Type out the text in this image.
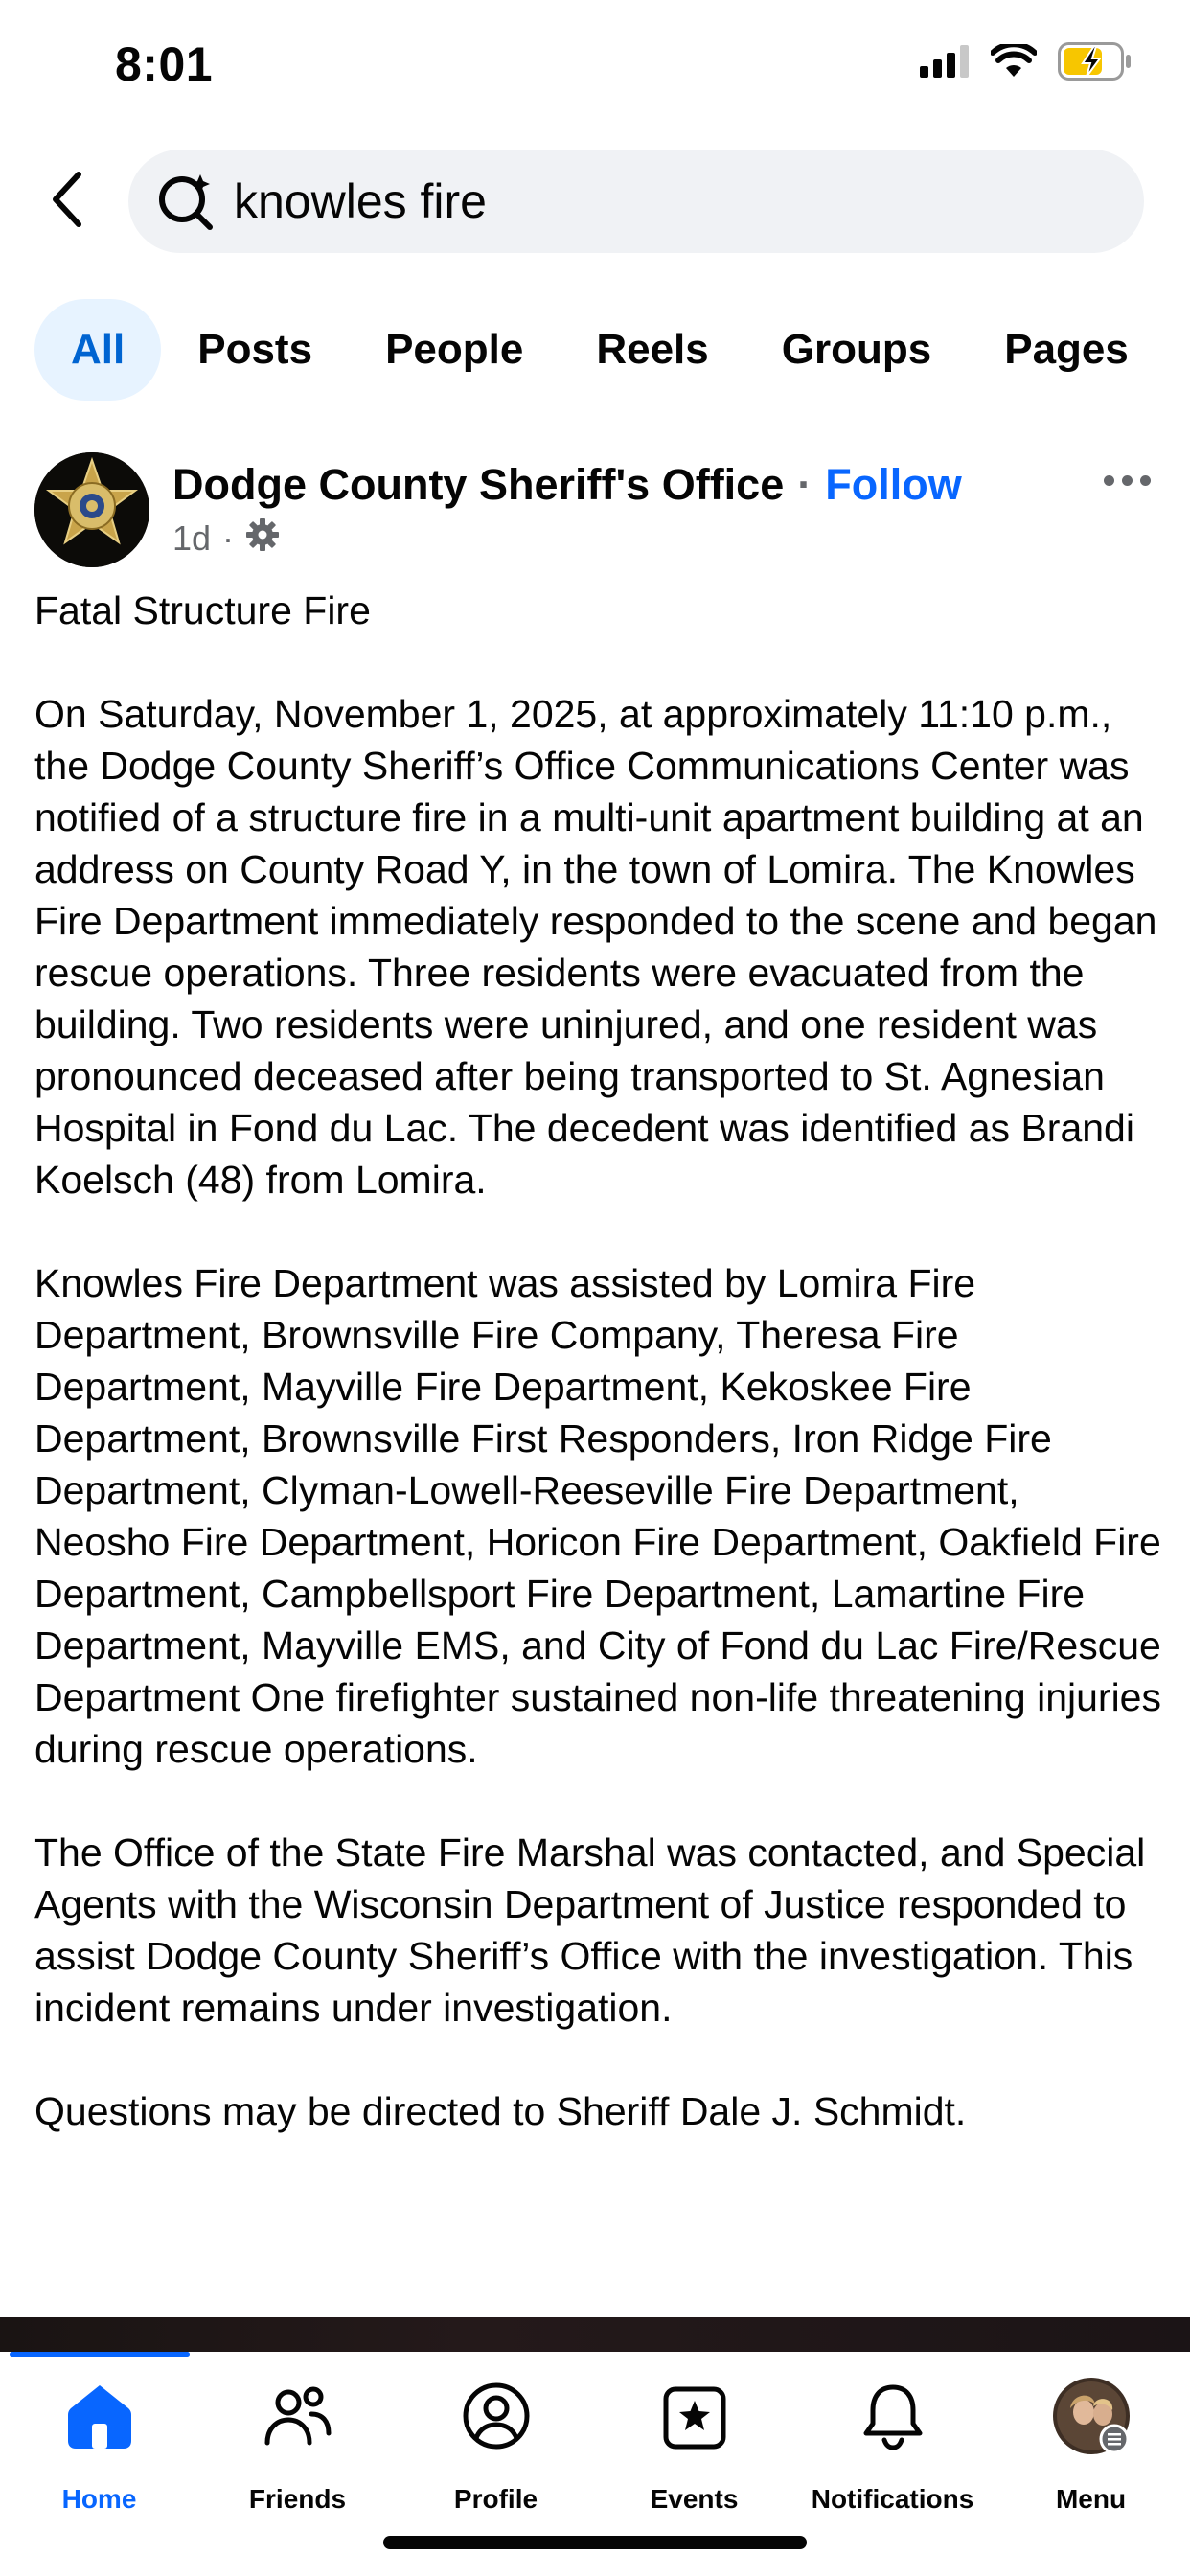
8:01
knowles fire
All	Posts	People	Reels	Groups	Pages
Dodge County Sheriff's Office · Follow
1d ·

Fatal Structure Fire

On Saturday, November 1, 2025, at approximately 11:10 p.m., the Dodge County Sheriff’s Office Communications Center was notified of a structure fire in a multi-unit apartment building at an address on County Road Y, in the town of Lomira. The Knowles Fire Department immediately responded to the scene and began rescue operations. Three residents were evacuated from the building. Two residents were uninjured, and one resident was pronounced deceased after being transported to St. Agnesian Hospital in Fond du Lac. The decedent was identified as Brandi Koelsch (48) from Lomira.

Knowles Fire Department was assisted by Lomira Fire Department, Brownsville Fire Company, Theresa Fire Department, Mayville Fire Department, Kekoskee Fire Department, Brownsville First Responders, Iron Ridge Fire Department, Clyman-Lowell-Reeseville Fire Department, Neosho Fire Department, Horicon Fire Department, Oakfield Fire Department, Campbellsport Fire Department, Lamartine Fire Department, Mayville EMS, and City of Fond du Lac Fire/Rescue Department One firefighter sustained non-life threatening injuries during rescue operations.

The Office of the State Fire Marshal was contacted, and Special Agents with the Wisconsin Department of Justice responded to assist Dodge County Sheriff’s Office with the investigation. This incident remains under investigation.

Questions may be directed to Sheriff Dale J. Schmidt.

Home	Friends	Profile	Events	Notifications	Menu
